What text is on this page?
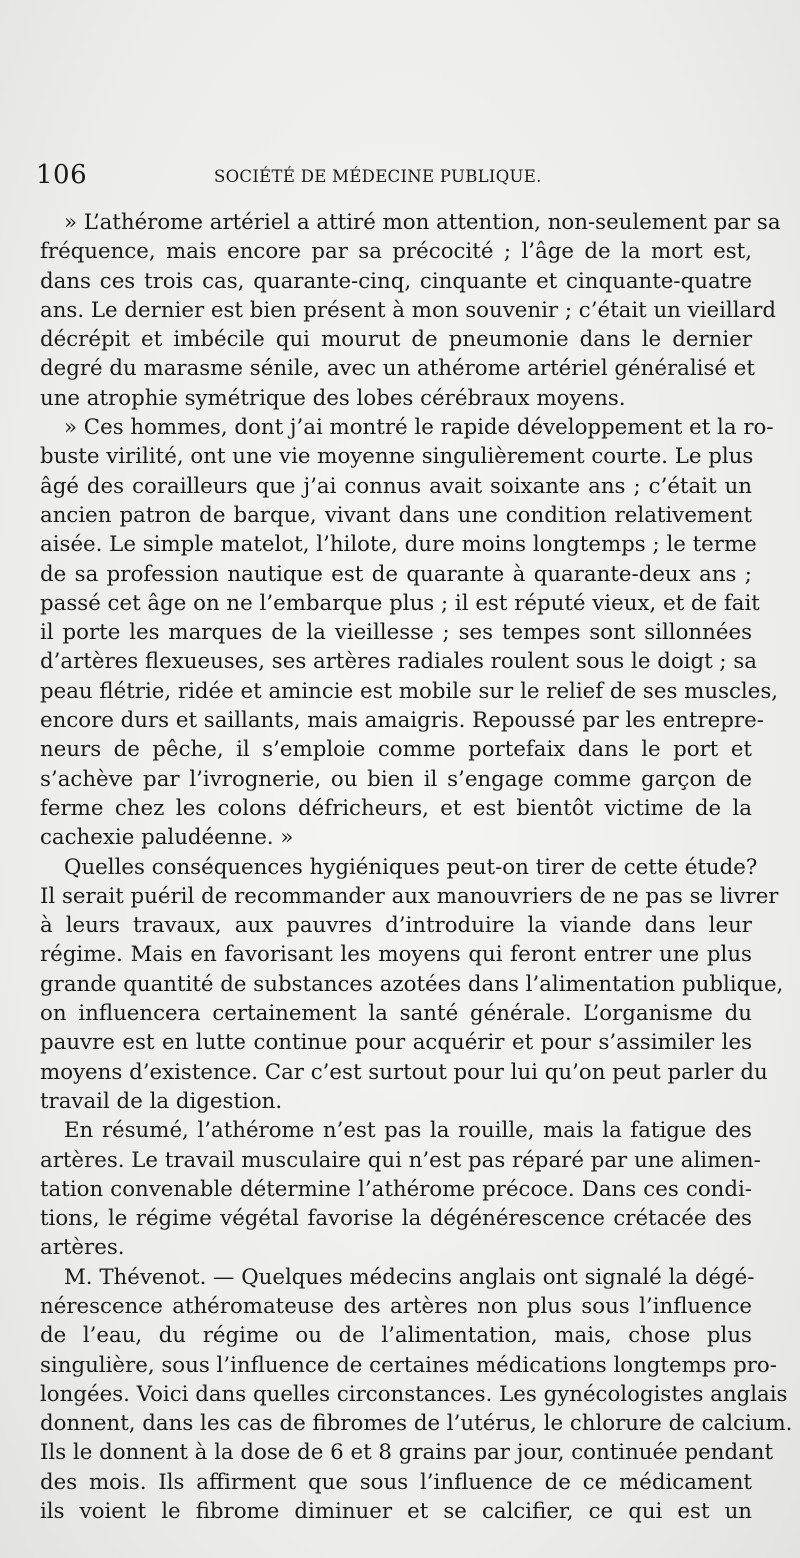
106	SOCIÉTÉ DE MÉDECINE PUBLIQUE.
» L’athérome artériel a attiré mon attention, non-seulement par sa
fréquence, mais encore par sa précocité ; l’âge de la mort est,
dans ces trois cas, quarante-cinq, cinquante et cinquante-quatre
ans. Le dernier est bien présent à mon souvenir ; c’était un vieillard
décrépit et imbécile qui mourut de pneumonie dans le dernier
degré du marasme sénile, avec un athérome artériel généralisé et
une atrophie symétrique des lobes cérébraux moyens.
» Ces hommes, dont j’ai montré le rapide développement et la ro-
buste virilité, ont une vie moyenne singulièrement courte. Le plus
âgé des corailleurs que j’ai connus avait soixante ans ; c’était un
ancien patron de barque, vivant dans une condition relativement
aisée. Le simple matelot, l’hilote, dure moins longtemps ; le terme
de sa profession nautique est de quarante à quarante-deux ans ;
passé cet âge on ne l’embarque plus ; il est réputé vieux, et de fait
il porte les marques de la vieillesse ; ses tempes sont sillonnées
d’artères flexueuses, ses artères radiales roulent sous le doigt ; sa
peau flétrie, ridée et amincie est mobile sur le relief de ses muscles,
encore durs et saillants, mais amaigris. Repoussé par les entrepre-
neurs de pêche, il s’emploie comme portefaix dans le port et
s’achève par l’ivrognerie, ou bien il s’engage comme garçon de
ferme chez les colons défricheurs, et est bientôt victime de la
cachexie paludéenne. »
Quelles conséquences hygiéniques peut-on tirer de cette étude?
Il serait puéril de recommander aux manouvriers de ne pas se livrer
à leurs travaux, aux pauvres d’introduire la viande dans leur
régime. Mais en favorisant les moyens qui feront entrer une plus
grande quantité de substances azotées dans l’alimentation publique,
on influencera certainement la santé générale. L’organisme du
pauvre est en lutte continue pour acquérir et pour s’assimiler les
moyens d’existence. Car c’est surtout pour lui qu’on peut parler du
travail de la digestion.
En résumé, l’athérome n’est pas la rouille, mais la fatigue des
artères. Le travail musculaire qui n’est pas réparé par une alimen-
tation convenable détermine l’athérome précoce. Dans ces condi-
tions, le régime végétal favorise la dégénérescence crétacée des
artères.
M. Thévenot. — Quelques médecins anglais ont signalé la dégé-
nérescence athéromateuse des artères non plus sous l’influence
de l’eau, du régime ou de l’alimentation, mais, chose plus
singulière, sous l’influence de certaines médications longtemps pro-
longées. Voici dans quelles circonstances. Les gynécologistes anglais
donnent, dans les cas de fibromes de l’utérus, le chlorure de calcium.
Ils le donnent à la dose de 6 et 8 grains par jour, continuée pendant
des mois. Ils affirment que sous l’influence de ce médicament
ils voient le fibrome diminuer et se calcifier, ce qui est un
